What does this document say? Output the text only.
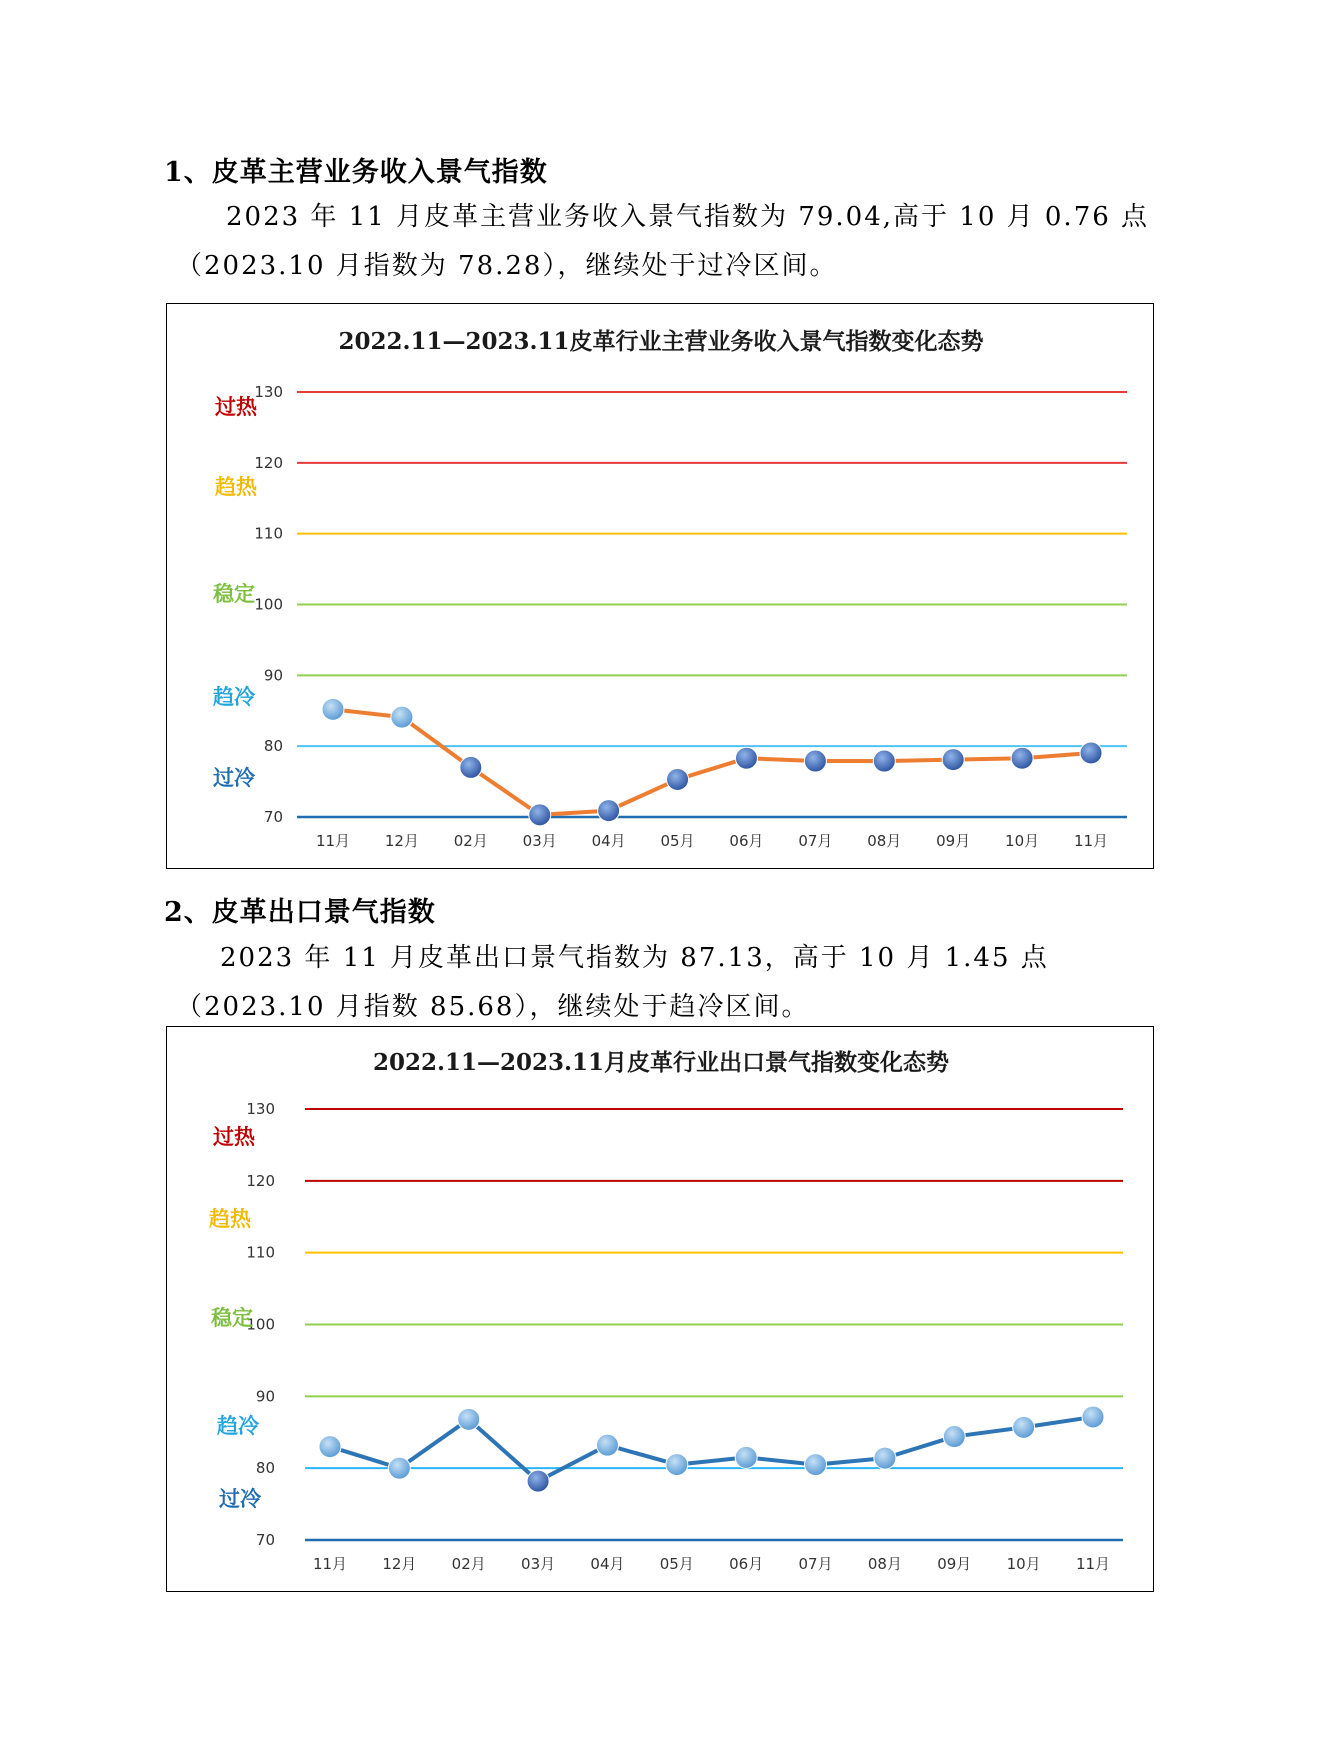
1、皮革主营业务收入景气指数

2023 年 11 月皮革主营业务收入景气指数为 79.04,高于 10 月 0.76 点（2023.10 月指数为 78.28），继续处于过冷区间。

2022.11—2023.11皮革行业主营业务收入景气指数变化态势
70
80
90
100
110
120
130
过热
趋热
稳定
趋冷
过冷
11月 12月 02月 03月 04月 05月 06月 07月 08月 09月 10月 11月
2、皮革出口景气指数

2023 年 11 月皮革出口景气指数为 87.13，高于 10 月 1.45 点（2023.10 月指数 85.68），继续处于趋冷区间。

2022.11—2023.11月皮革行业出口景气指数变化态势
70
80
90
100
110
120
130
过热
趋热
稳定
趋冷
过冷
11月 12月 02月 03月 04月 05月 06月 07月 08月 09月 10月 11月
